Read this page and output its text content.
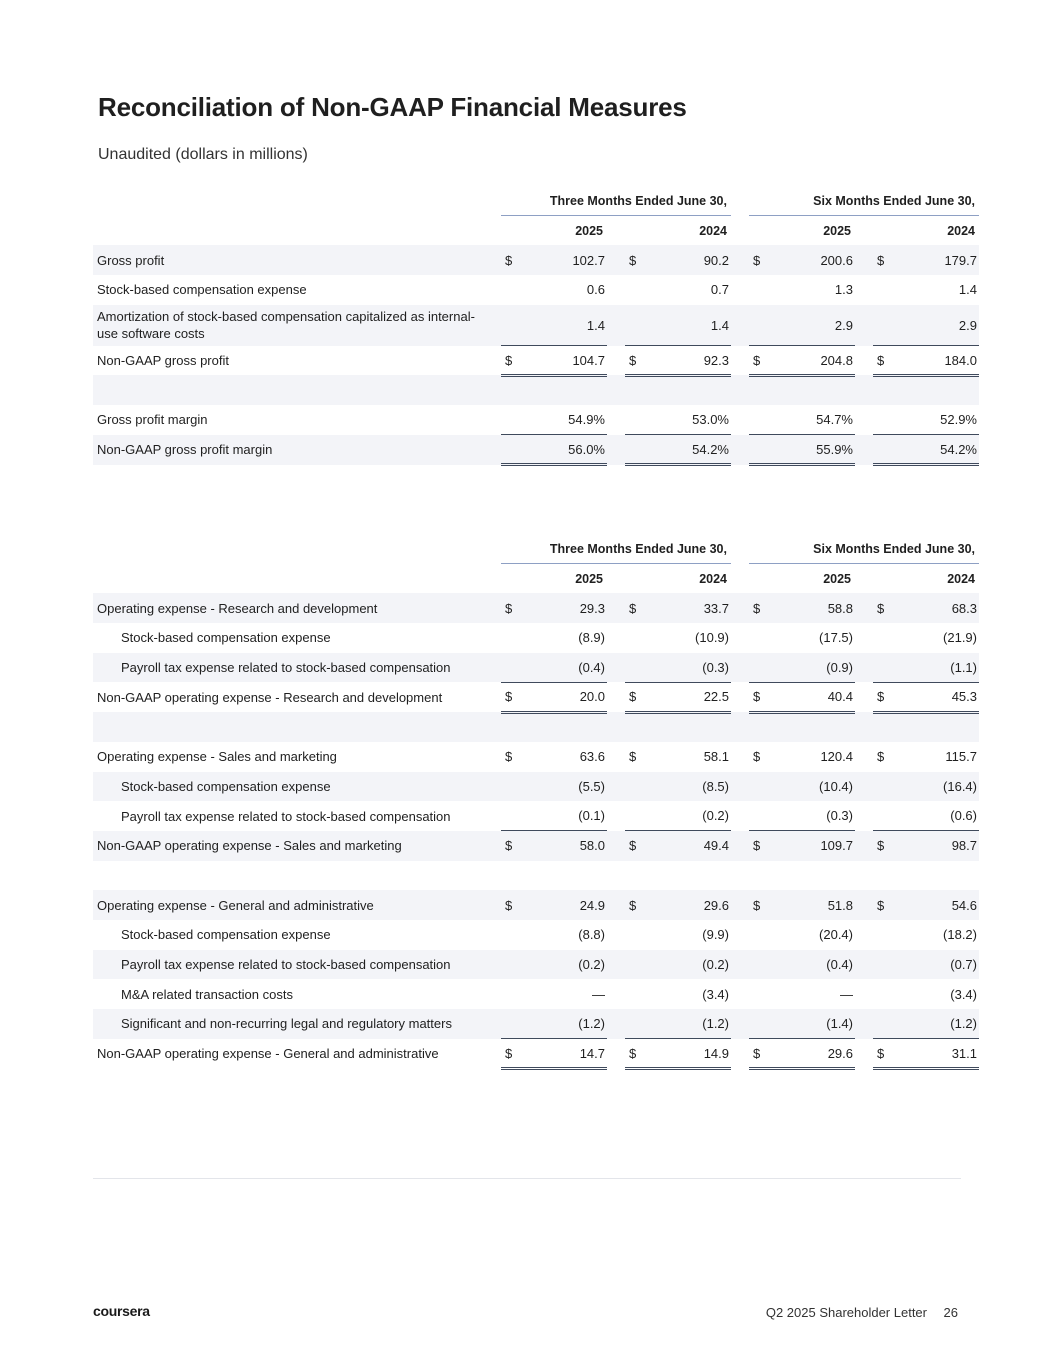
Reconciliation of Non-GAAP Financial Measures
Unaudited (dollars in millions)
		Three Months Ended June 30,				Six Months Ended June 30,		
		2025		2024		2025		2024
Gross profit		$ 102.7		$ 90.2		$ 200.6		$ 179.7

Stock-based compensation expense		0.6		0.7		1.3		1.4

Amortization of stock-based compensation capitalized as internal-use software costs		1.4		1.4		2.9		2.9

Non-GAAP gross profit		$ 104.7		$ 92.3		$ 204.8		$ 184.0

Gross profit margin		54.9%		53.0%		54.7%		52.9%

Non-GAAP gross profit margin		56.0%		54.2%		55.9%		54.2%
		Three Months Ended June 30,				Six Months Ended June 30,		
		2025		2024		2025		2024
Operating expense - Research and development		$ 29.3		$ 33.7		$ 58.8		$ 68.3

Stock-based compensation expense		(8.9)		(10.9)		(17.5)		(21.9)

Payroll tax expense related to stock-based compensation		(0.4)		(0.3)		(0.9)		(1.1)

Non-GAAP operating expense - Research and development		$ 20.0		$ 22.5		$ 40.4		$ 45.3

Operating expense - Sales and marketing		$ 63.6		$ 58.1		$ 120.4		$ 115.7

Stock-based compensation expense		(5.5)		(8.5)		(10.4)		(16.4)

Payroll tax expense related to stock-based compensation		(0.1)		(0.2)		(0.3)		(0.6)

Non-GAAP operating expense - Sales and marketing		$ 58.0		$ 49.4		$ 109.7		$ 98.7

Operating expense - General and administrative		$ 24.9		$ 29.6		$ 51.8		$ 54.6

Stock-based compensation expense		(8.8)		(9.9)		(20.4)		(18.2)

Payroll tax expense related to stock-based compensation		(0.2)		(0.2)		(0.4)		(0.7)

M&A related transaction costs		—		(3.4)		—		(3.4)

Significant and non-recurring legal and regulatory matters		(1.2)		(1.2)		(1.4)		(1.2)

Non-GAAP operating expense - General and administrative		$ 14.7		$ 14.9		$ 29.6		$ 31.1
coursera	Q2 2025 Shareholder Letter 26
